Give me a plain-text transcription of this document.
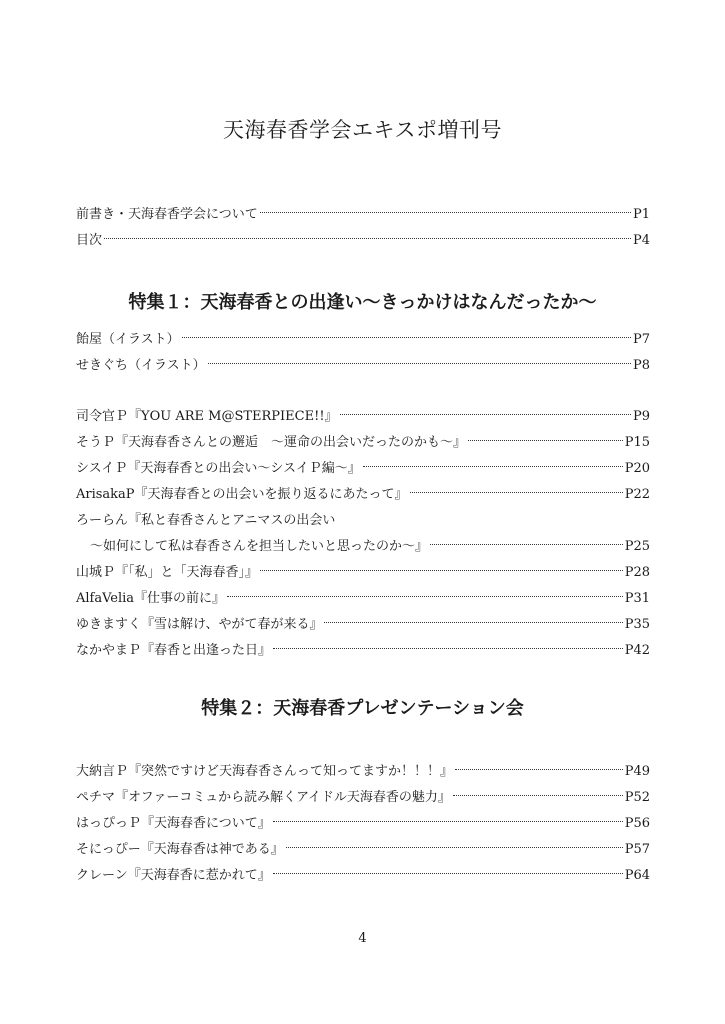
天海春香学会エキスポ増刊号
前書き・天海春香学会について	P1
目次	P4
特集１：天海春香との出逢い～きっかけはなんだったか～
飴屋（イラスト）	P7
せきぐち（イラスト）	P8
司令官Ｐ『YOU ARE M@STERPIECE!!』	P9
そうＰ『天海春香さんとの邂逅　～運命の出会いだったのかも～』	P15
シスイＰ『天海春香との出会い～シスイＰ編～』	P20
ArisakaP『天海春香との出会いを振り返るにあたって』	P22
ろーらん『私と春香さんとアニマスの出会い
～如何にして私は春香さんを担当したいと思ったのか～』	P25
山城Ｐ『「私」と「天海春香」』	P28
AlfaVelia『仕事の前に』	P31
ゆきますく『雪は解け、やがて春が来る』	P35
なかやまＰ『春香と出逢った日』	P42
特集２：天海春香プレゼンテーション会
大納言Ｐ『突然ですけど天海春香さんって知ってますか！！！』	P49
ペチマ『オファーコミュから読み解くアイドル天海春香の魅力』	P52
はっぴっＰ『天海春香について』	P56
そにっぴー『天海春香は神である』	P57
クレーン『天海春香に惹かれて』	P64
4
